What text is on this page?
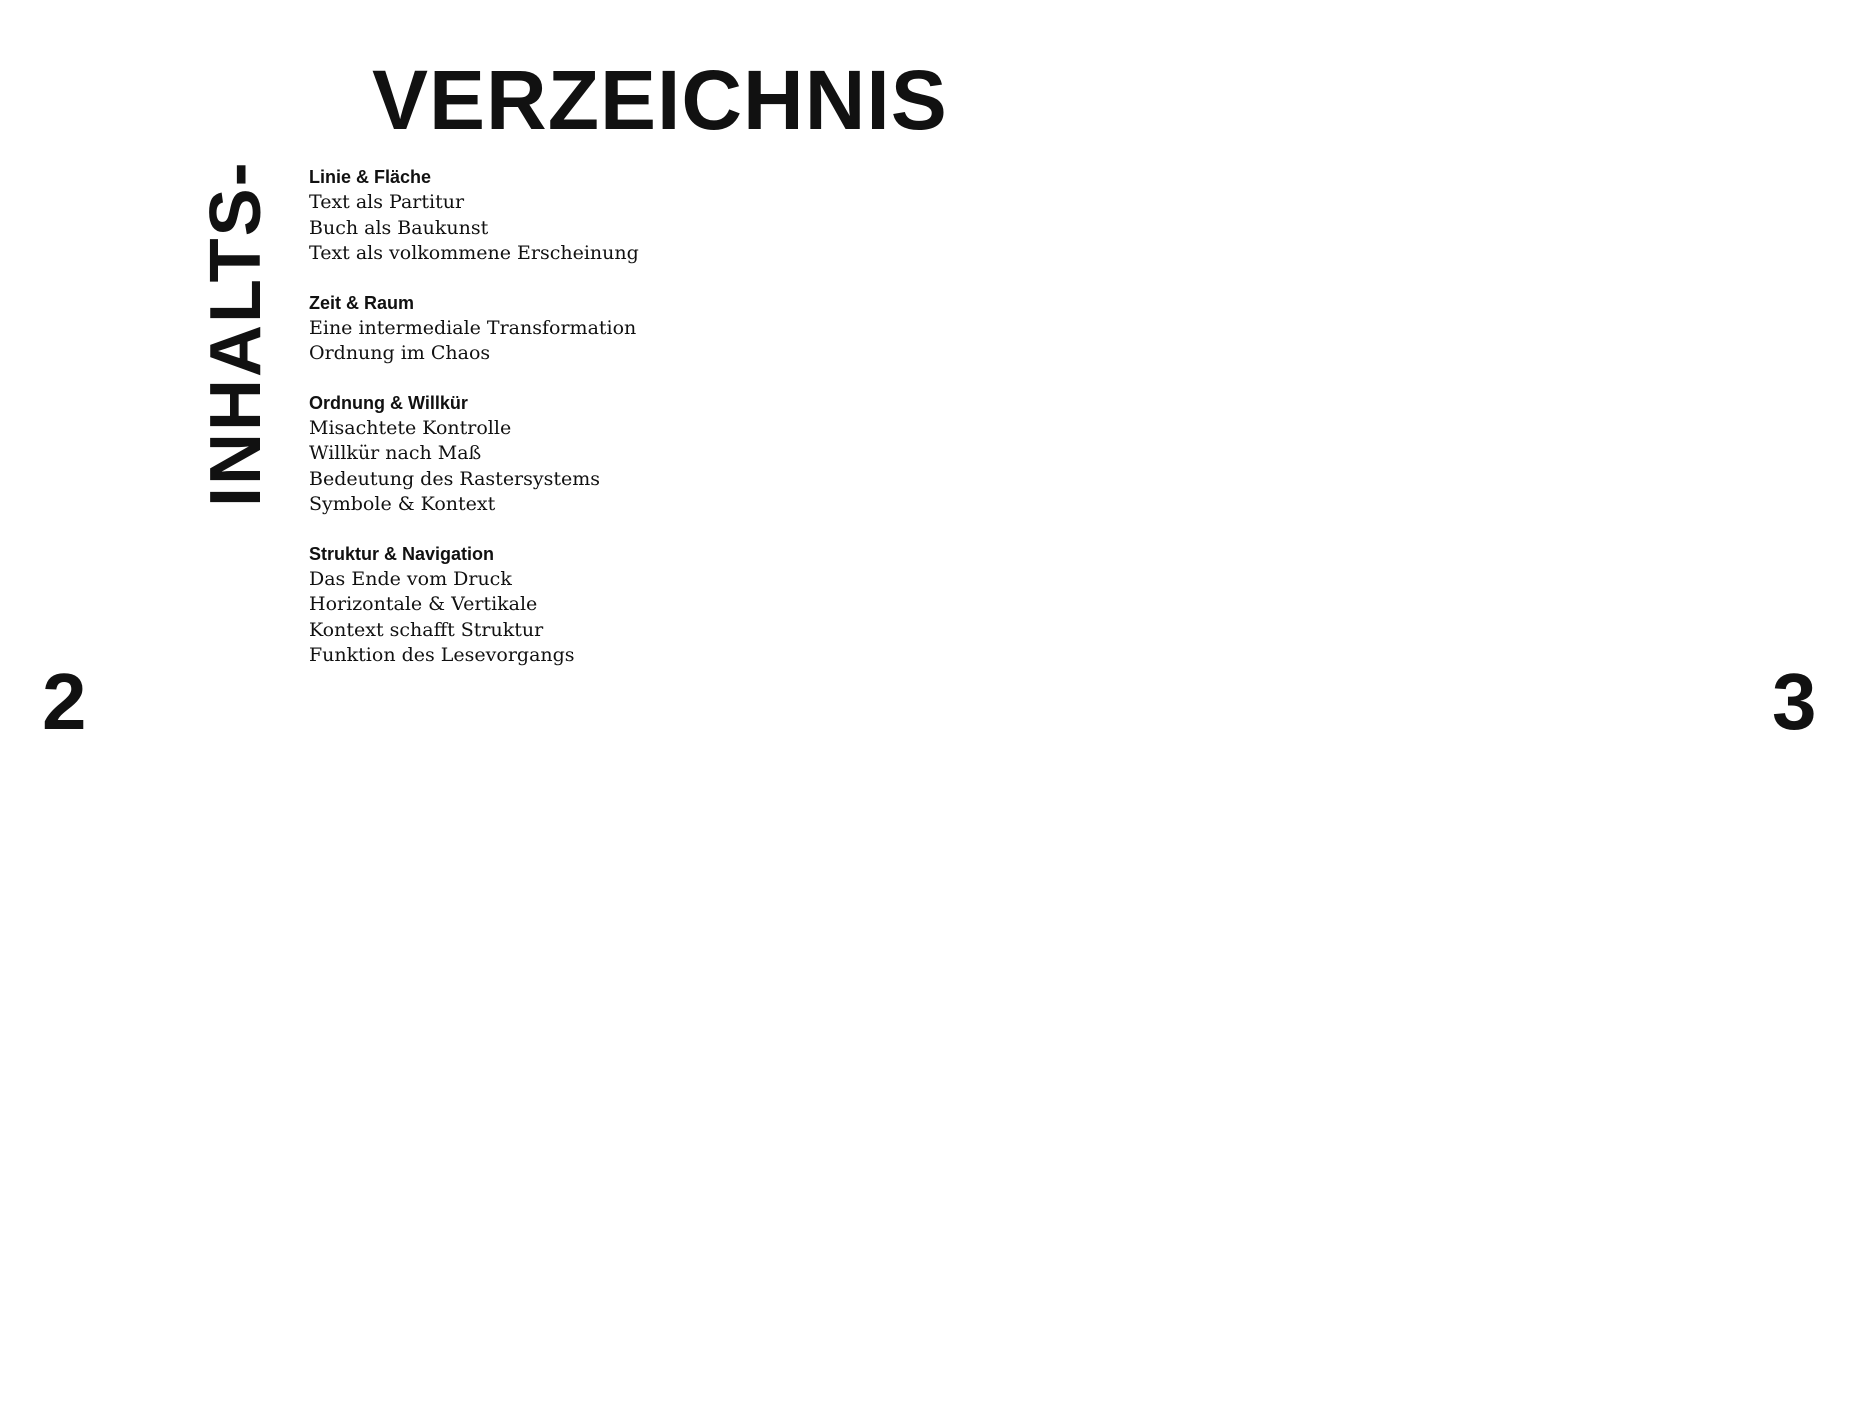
VERZEICHNIS
INHALTS- Linie & Fläche
Text als Partitur
Buch als Baukunst
Text als volkommene Erscheinung
Zeit & Raum
Eine intermediale Transformation
Ordnung im Chaos
Ordnung & Willkür
Misachtete Kontrolle
Willkür nach Maß
Bedeutung des Rastersystems
Symbole & Kontext
Struktur & Navigation
Das Ende vom Druck
Horizontale & Vertikale
Kontext schafft Struktur
Funktion des Lesevorgangs
2	3
